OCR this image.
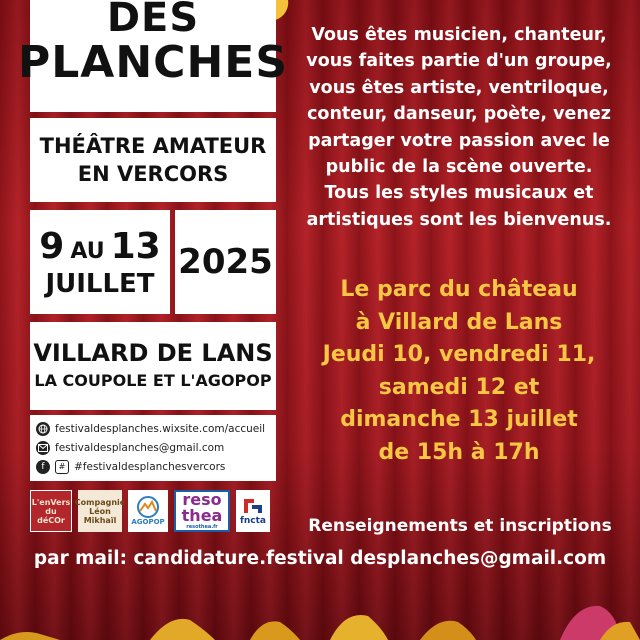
DES
PLANCHES
THÉÂTRE AMATEUR
EN VERCORS
9 AU 13
JUILLET
2025
VILLARD DE LANS
LA COUPOLE ET L'AGOPOP
festivaldesplanches.wixsite.com/accueil
festivaldesplanches@gmail.com
f	# #festivaldesplanchesvercors
L'enVers du déCOr
Compagnie Léon Mikhaïl	AGOPOP
reso thea
resothea.fr
fncta
Vous êtes musicien, chanteur,
vous faites partie d'un groupe,
vous êtes artiste, ventriloque,
conteur, danseur, poète, venez
partager votre passion avec le
public de la scène ouverte.
Tous les styles musicaux et
artistiques sont les bienvenus.
Le parc du château
à Villard de Lans
Jeudi 10, vendredi 11,
samedi 12 et
dimanche 13 juillet
de 15h à 17h
Renseignements et inscriptions
par mail: candidature.festival desplanches@gmail.com
